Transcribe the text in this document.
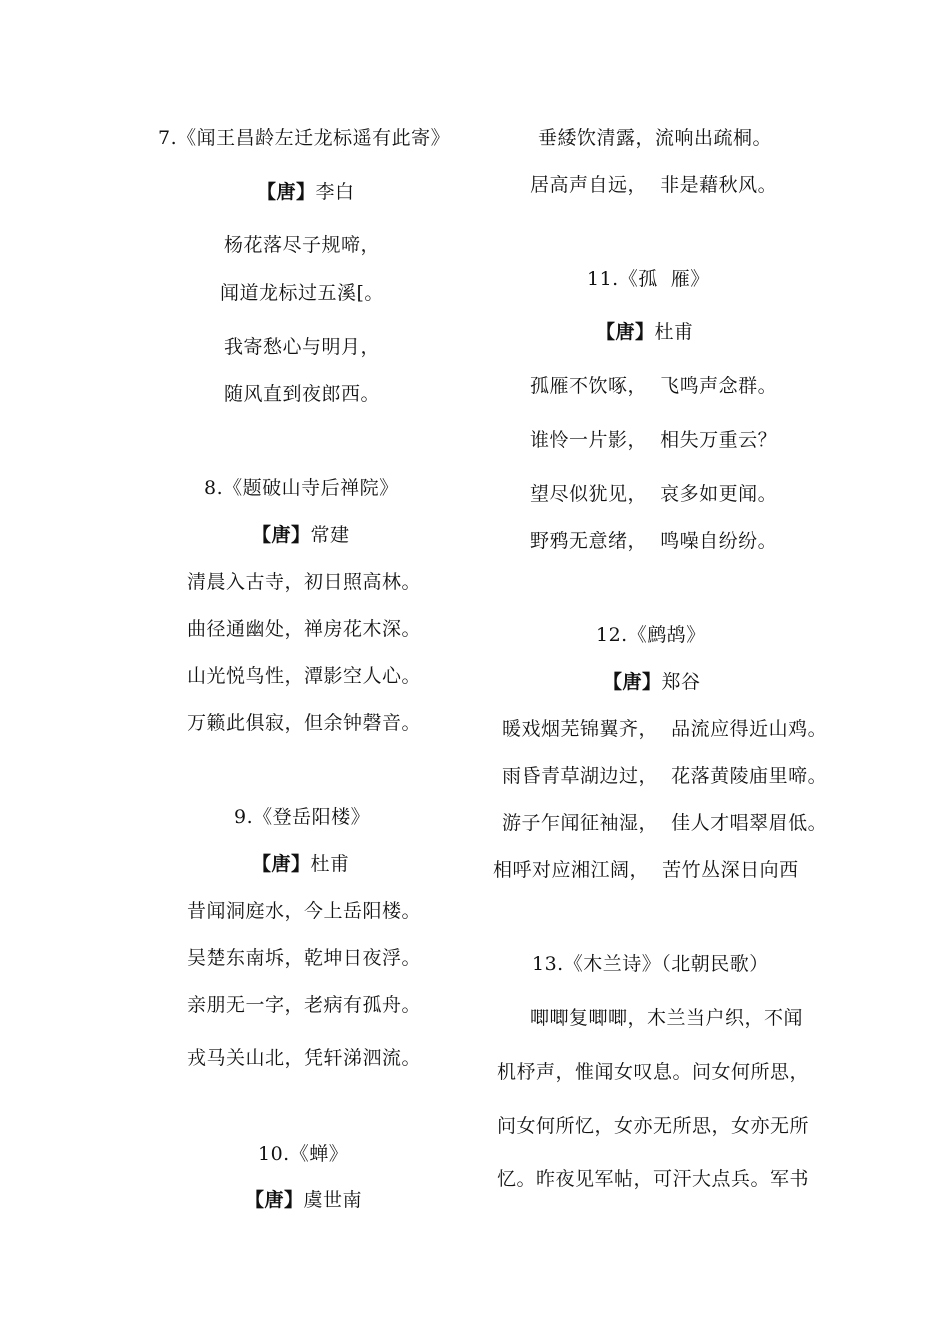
7.《闻王昌龄左迁龙标遥有此寄》
【唐】李白
杨花落尽子规啼，
闻道龙标过五溪[。
我寄愁心与明月，
随风直到夜郎西。
8.《题破山寺后禅院》
【唐】常建
清晨入古寺，初日照高林。
曲径通幽处，禅房花木深。
山光悦鸟性，潭影空人心。
万籁此俱寂，但余钟磬音。
9.《登岳阳楼》
【唐】杜甫
昔闻洞庭水，今上岳阳楼。
吴楚东南坼，乾坤日夜浮。
亲朋无一字，老病有孤舟。
戎马关山北，凭轩涕泗流。
10.《蝉》
【唐】虞世南
垂緌饮清露，流响出疏桐。
居高声自远，  非是藉秋风。
11.《孤  雁》
【唐】杜甫
孤雁不饮啄，  飞鸣声念群。
谁怜一片影，  相失万重云？
望尽似犹见，  哀多如更闻。
野鸦无意绪，  鸣噪自纷纷。
12.《鹧鸪》
【唐】郑谷
暖戏烟芜锦翼齐，  品流应得近山鸡。
雨昏青草湖边过，  花落黄陵庙里啼。
游子乍闻征袖湿，  佳人才唱翠眉低。
相呼对应湘江阔，  苦竹丛深日向西
13.《木兰诗》（北朝民歌）
唧唧复唧唧，木兰当户织，不闻
机杼声，惟闻女叹息。问女何所思，
问女何所忆，女亦无所思，女亦无所
忆。昨夜见军帖，可汗大点兵。军书
